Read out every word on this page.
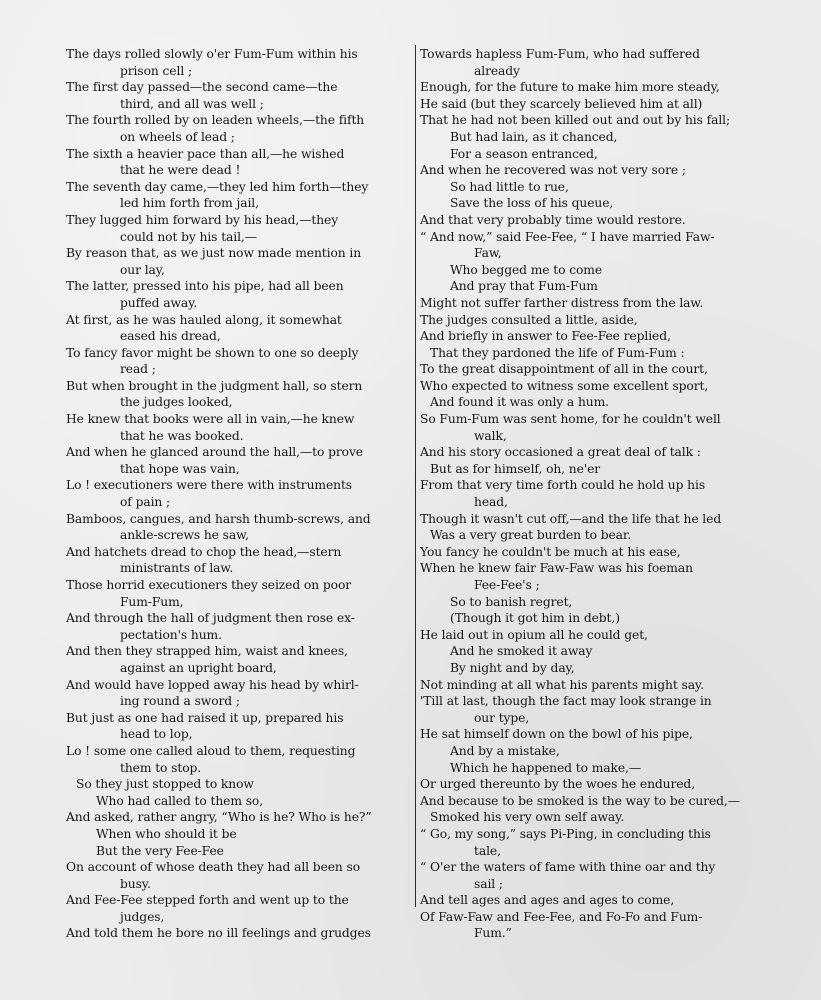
The days rolled slowly o'er Fum-Fum within his
prison cell ;
The first day passed—the second came—the
third, and all was well ;
The fourth rolled by on leaden wheels,—the fifth
on wheels of lead ;
The sixth a heavier pace than all,—he wished
that he were dead !
The seventh day came,—they led him forth—they
led him forth from jail,
They lugged him forward by his head,—they
could not by his tail,—
By reason that, as we just now made mention in
our lay,
The latter, pressed into his pipe, had all been
puffed away.
At first, as he was hauled along, it somewhat
eased his dread,
To fancy favor might be shown to one so deeply
read ;
But when brought in the judgment hall, so stern
the judges looked,
He knew that books were all in vain,—he knew
that he was booked.
And when he glanced around the hall,—to prove
that hope was vain,
Lo ! executioners were there with instruments
of pain ;
Bamboos, cangues, and harsh thumb-screws, and
ankle-screws he saw,
And hatchets dread to chop the head,—stern
ministrants of law.
Those horrid executioners they seized on poor
Fum-Fum,
And through the hall of judgment then rose ex-
pectation's hum.
And then they strapped him, waist and knees,
against an upright board,
And would have lopped away his head by whirl-
ing round a sword ;
But just as one had raised it up, prepared his
head to lop,
Lo ! some one called aloud to them, requesting
them to stop.
So they just stopped to know
Who had called to them so,
And asked, rather angry, “Who is he? Who is he?”
When who should it be
But the very Fee-Fee
On account of whose death they had all been so
busy.
And Fee-Fee stepped forth and went up to the
judges,
And told them he bore no ill feelings and grudges
Towards hapless Fum-Fum, who had suffered
already
Enough, for the future to make him more steady,
He said (but they scarcely believed him at all)
That he had not been killed out and out by his fall;
But had lain, as it chanced,
For a season entranced,
And when he recovered was not very sore ;
So had little to rue,
Save the loss of his queue,
And that very probably time would restore.
“ And now,” said Fee-Fee, “ I have married Faw-
Faw,
Who begged me to come
And pray that Fum-Fum
Might not suffer farther distress from the law.
The judges consulted a little, aside,
And briefly in answer to Fee-Fee replied,
That they pardoned the life of Fum-Fum :
To the great disappointment of all in the court,
Who expected to witness some excellent sport,
And found it was only a hum.
So Fum-Fum was sent home, for he couldn't well
walk,
And his story occasioned a great deal of talk :
But as for himself, oh, ne'er
From that very time forth could he hold up his
head,
Though it wasn't cut off,—and the life that he led
Was a very great burden to bear.
You fancy he couldn't be much at his ease,
When he knew fair Faw-Faw was his foeman
Fee-Fee's ;
So to banish regret,
(Though it got him in debt,)
He laid out in opium all he could get,
And he smoked it away
By night and by day,
Not minding at all what his parents might say.
'Till at last, though the fact may look strange in
our type,
He sat himself down on the bowl of his pipe,
And by a mistake,
Which he happened to make,—
Or urged thereunto by the woes he endured,
And because to be smoked is the way to be cured,—
Smoked his very own self away.
“ Go, my song,” says Pi-Ping, in concluding this
tale,
“ O'er the waters of fame with thine oar and thy
sail ;
And tell ages and ages and ages to come,
Of Faw-Faw and Fee-Fee, and Fo-Fo and Fum-
Fum.”
